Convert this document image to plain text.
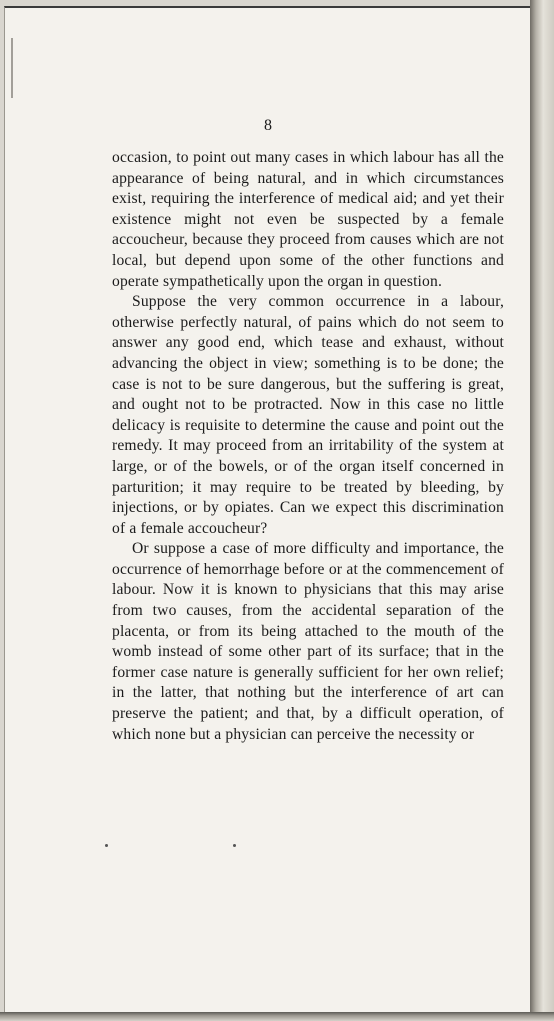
8

occasion, to point out many cases in which labour has all the appearance of being natural, and in which circumstances exist, requiring the interference of medical aid; and yet their existence might not even be suspected by a female accoucheur, because they proceed from causes which are not local, but depend upon some of the other functions and operate sympathetically upon the organ in question.

Suppose the very common occurrence in a labour, otherwise perfectly natural, of pains which do not seem to answer any good end, which tease and exhaust, without advancing the object in view; something is to be done; the case is not to be sure dangerous, but the suffering is great, and ought not to be protracted. Now in this case no little delicacy is requisite to determine the cause and point out the remedy. It may proceed from an irritability of the system at large, or of the bowels, or of the organ itself concerned in parturition; it may require to be treated by bleeding, by injections, or by opiates. Can we expect this discrimination of a female accoucheur?

Or suppose a case of more difficulty and importance, the occurrence of hemorrhage before or at the commencement of labour. Now it is known to physicians that this may arise from two causes, from the accidental separation of the placenta, or from its being attached to the mouth of the womb instead of some other part of its surface; that in the former case nature is generally sufficient for her own relief; in the latter, that nothing but the interference of art can preserve the patient; and that, by a difficult operation, of which none but a physician can perceive the necessity or
